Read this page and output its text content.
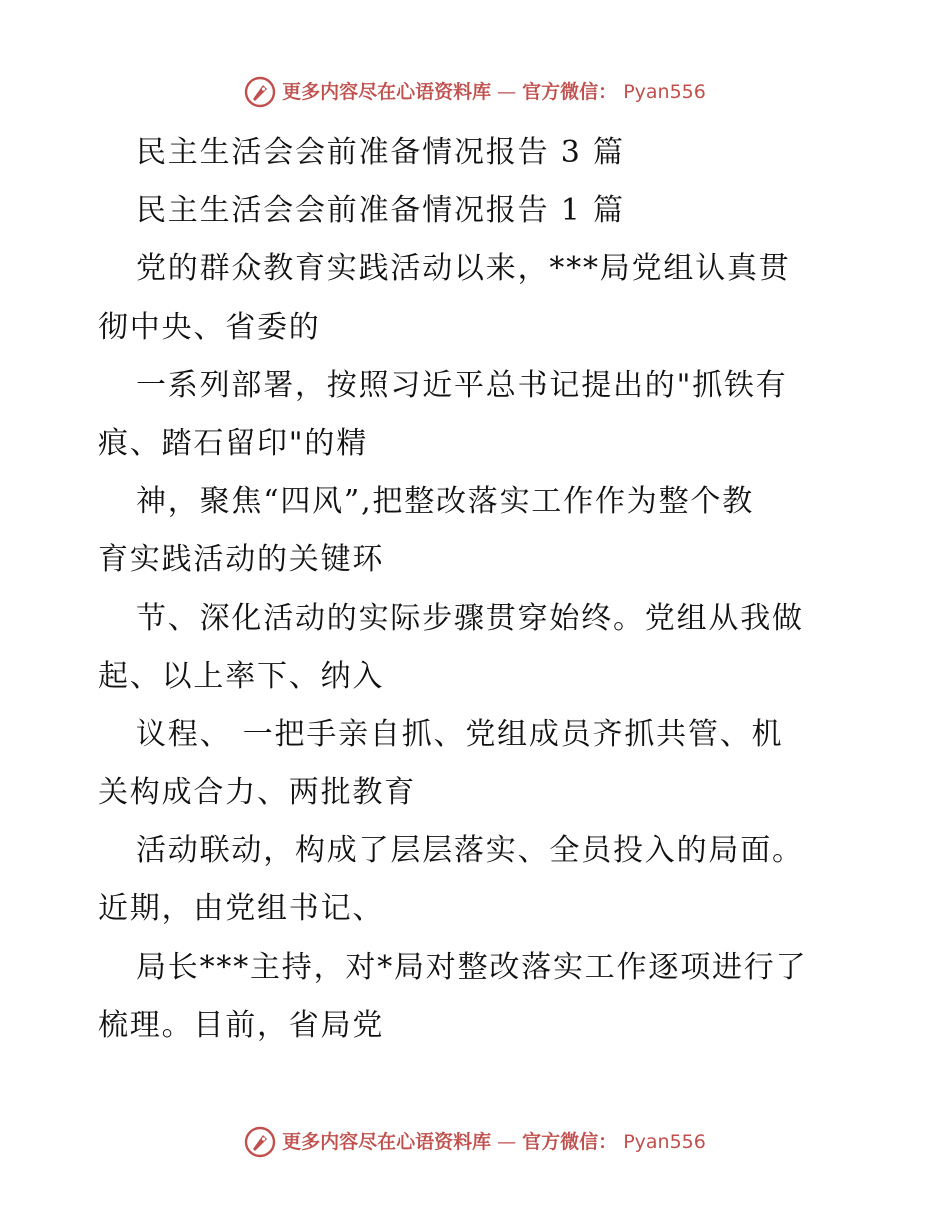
更多内容尽在心语资料库 — 官方微信： Pyan556
民主生活会会前准备情况报告 3 篇
民主生活会会前准备情况报告 1 篇
党的群众教育实践活动以来，***局党组认真贯
彻中央、省委的
一系列部署，按照习近平总书记提出的"抓铁有
痕、踏石留印"的精
神，聚焦“四风”,把整改落实工作作为整个教
育实践活动的关键环
节、深化活动的实际步骤贯穿始终。党组从我做
起、以上率下、纳入
议程、 一把手亲自抓、党组成员齐抓共管、机
关构成合力、两批教育
活动联动，构成了层层落实、全员投入的局面。
近期，由党组书记、
局长***主持，对*局对整改落实工作逐项进行了
梳理。目前，省局党
更多内容尽在心语资料库 — 官方微信： Pyan556
